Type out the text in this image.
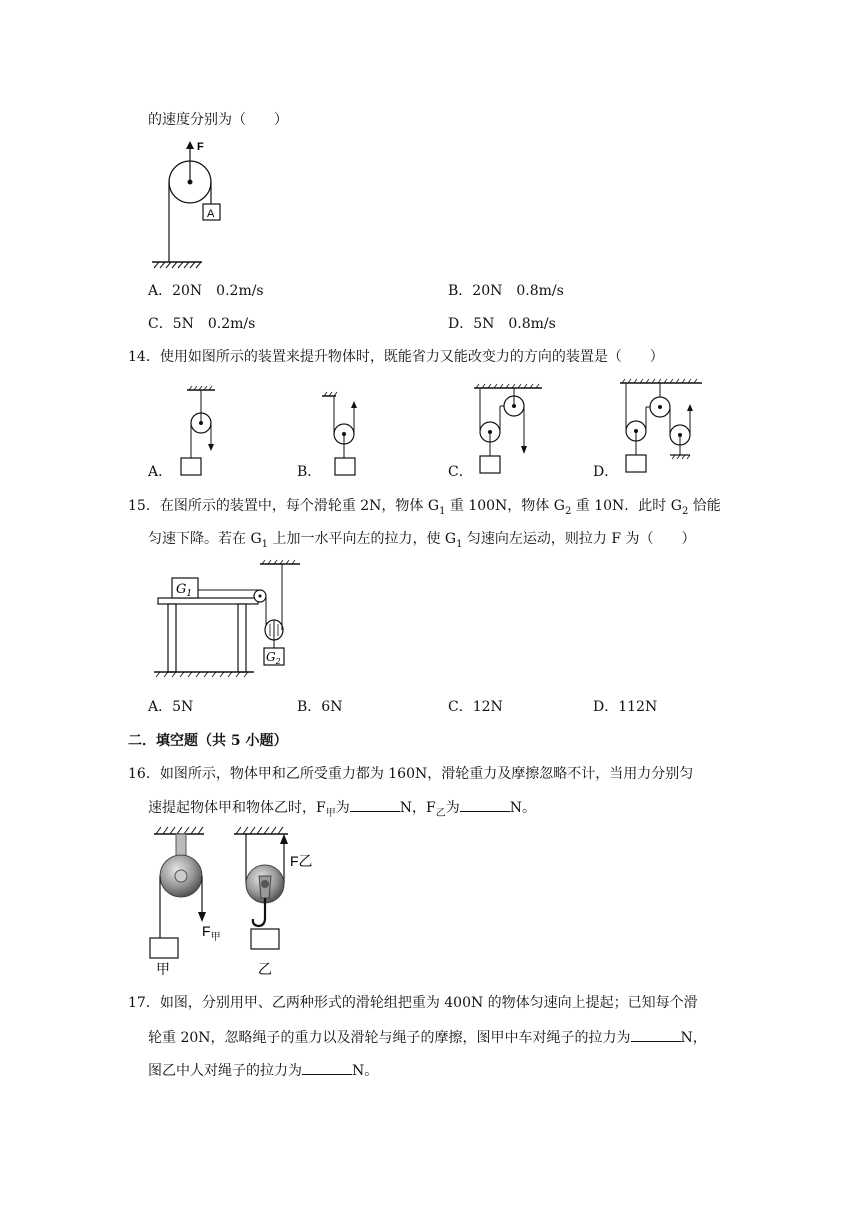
的速度分别为（　　）
F
A
A．20N　0.2m/s	B．20N　0.8m/s
C．5N　0.2m/s	D．5N　0.8m/s
14．使用如图所示的装置来提升物体时，既能省力又能改变力的方向的装置是（　　）
A．	B．	C．	D．
15．在图所示的装置中，每个滑轮重 2N，物体 $G_1$ 重 100N，物体 $G_2$ 重 10N．此时 $G_2$ 恰能
匀速下降。若在 $G_1$ 上加一水平向左的拉力，使 $G_1$ 匀速向左运动，则拉力 F 为（　　）
$G_1$
$G_2$
A．5N	B．6N	C．12N	D．112N
二．填空题（共 5 小题）
16．如图所示，物体甲和乙所受重力都为 160N，滑轮重力及摩擦忽略不计，当用力分别匀
速提起物体甲和物体乙时，$F_甲$为	N，$F_乙$为	N。
$F_甲$
甲
F乙
乙
17．如图，分别用甲、乙两种形式的滑轮组把重为 400N 的物体匀速向上提起；已知每个滑
轮重 20N，忽略绳子的重力以及滑轮与绳子的摩擦，图甲中车对绳子的拉力为	N，
图乙中人对绳子的拉力为	N。
